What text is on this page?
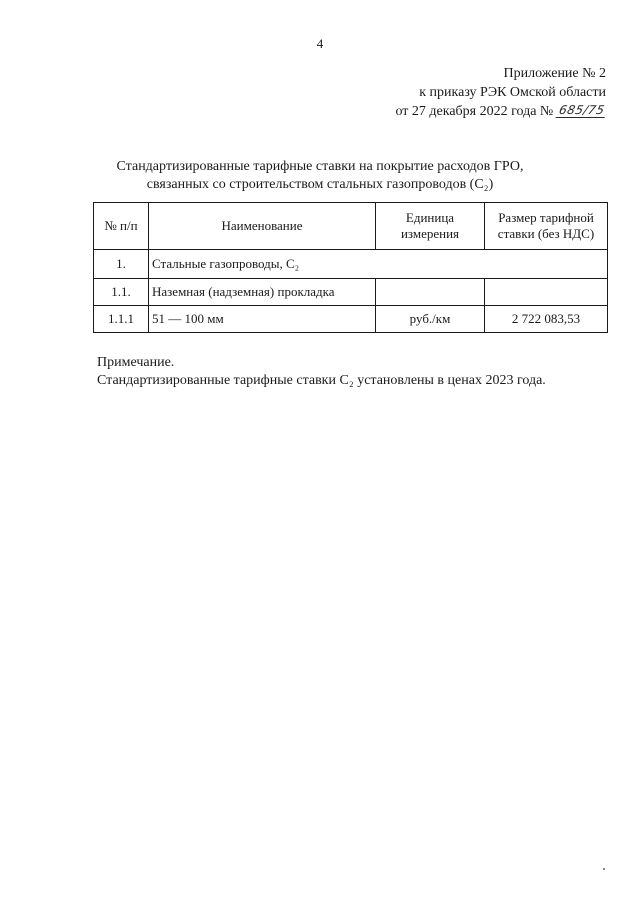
4
Приложение № 2
к приказу РЭК Омской области
от 27 декабря 2022 года № 685/75
Стандартизированные тарифные ставки на покрытие расходов ГРО,
связанных со строительством стальных газопроводов (С₂)
№ п/п	Наименование	Единица измерения	Размер тарифной ставки (без НДС)
1.	Стальные газопроводы, С₂		
1.1.	Наземная (надземная) прокладка		
1.1.1	51 — 100 мм	руб./км	2 722 083,53
Примечание.
Стандартизированные тарифные ставки С₂ установлены в ценах 2023 года.
